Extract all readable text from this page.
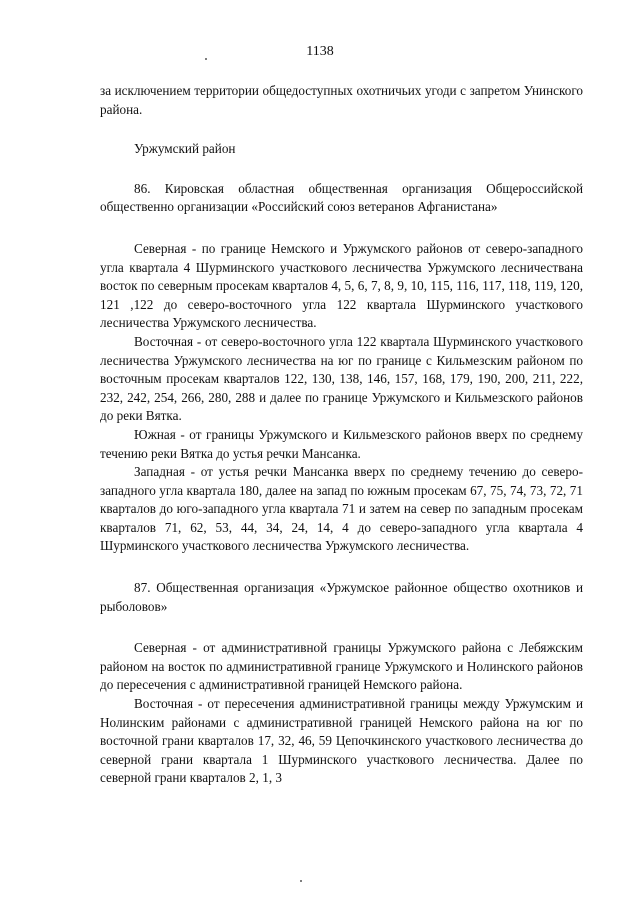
1138

за исключением территории общедоступных охотничьих угоди с запретом Унинского района.

Уржумский район

86. Кировская областная общественная организация Общероссийской общественно организации «Российский союз ветеранов Афганистана»

Северная - по границе Немского и Уржумского районов от северо-западного угла квартала 4 Шурминского участкового лесничества Уржумского лесничествана восток по северным просекам кварталов 4, 5, 6, 7, 8, 9, 10, 115, 116, 117, 118, 119, 120, 121 ,122 до северо-восточного угла 122 квартала Шурминского участкового лесничества Уржумского лесничества.

Восточная - от северо-восточного угла 122 квартала Шурминского участкового лесничества Уржумского лесничества на юг по границе с Кильмезским районом по восточным просекам кварталов 122, 130, 138, 146, 157, 168, 179, 190, 200, 211, 222, 232, 242, 254, 266, 280, 288 и далее по границе Уржумского и Кильмезского районов до реки Вятка.

Южная - от границы Уржумского и Кильмезского районов вверх по среднему течению реки Вятка до устья речки Мансанка.

Западная - от устья речки Мансанка вверх по среднему течению до северо-западного угла квартала 180, далее на запад по южным просекам 67, 75, 74, 73, 72, 71 кварталов до юго-западного угла квартала 71 и затем на север по западным просекам кварталов 71, 62, 53, 44, 34, 24, 14, 4 до северо-западного угла квартала 4 Шурминского участкового лесничества Уржумского лесничества.

87. Общественная организация «Уржумское районное общество охотников и рыболовов»

Северная - от административной границы Уржумского района с Лебяжским районом на восток по административной границе Уржумского и Нолинского районов до пересечения с административной границей Немского района.

Восточная - от пересечения административной границы между Уржумским и Нолинским районами с административной границей Немского района на юг по восточной грани кварталов 17, 32, 46, 59 Цепочкинского участкового лесничества до северной грани квартала 1 Шурминского участкового лесничества. Далее по северной грани кварталов 2, 1, 3
